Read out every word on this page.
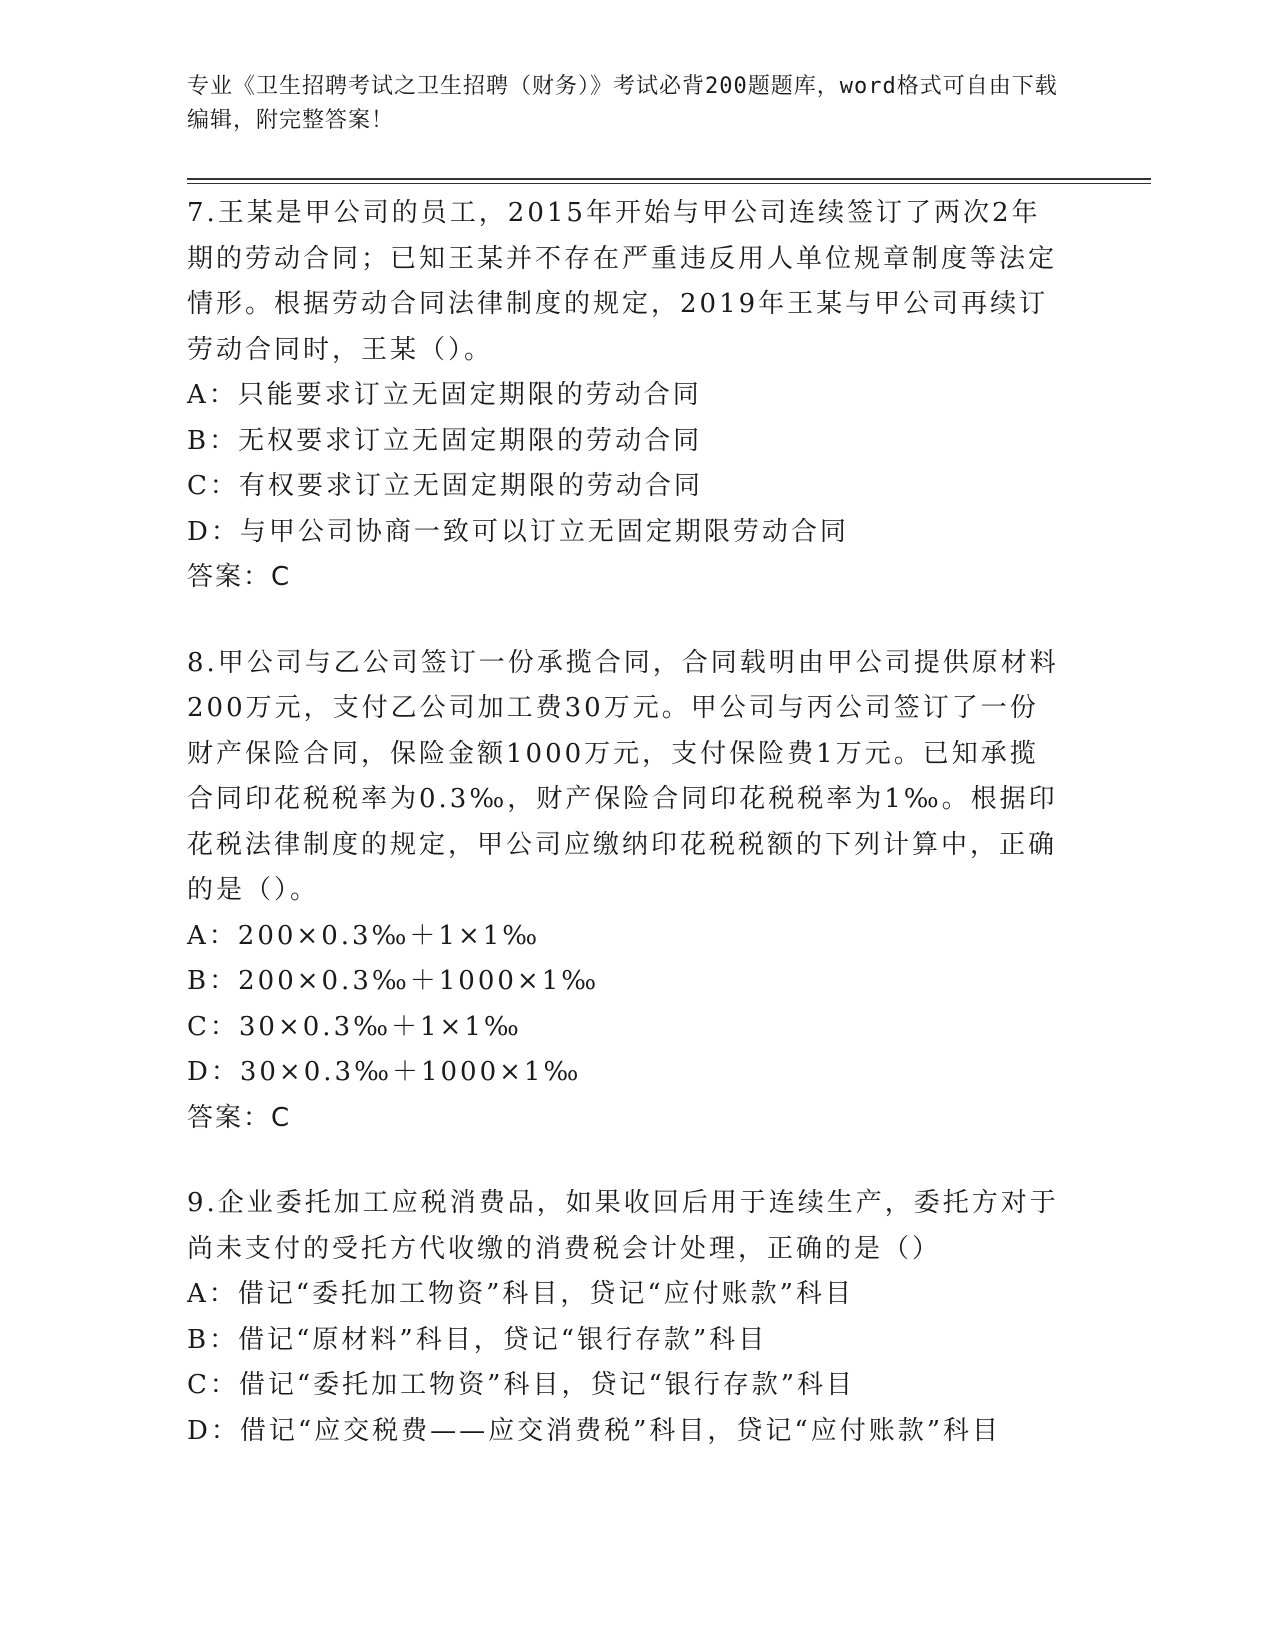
专业《卫生招聘考试之卫生招聘（财务）》考试必背200题题库，word格式可自由下载编辑，附完整答案！

7.王某是甲公司的员工，2015年开始与甲公司连续签订了两次2年期的劳动合同；已知王某并不存在严重违反用人单位规章制度等法定情形。根据劳动合同法律制度的规定，2019年王某与甲公司再续订劳动合同时，王某（）。

A：只能要求订立无固定期限的劳动合同

B：无权要求订立无固定期限的劳动合同

C：有权要求订立无固定期限的劳动合同

D：与甲公司协商一致可以订立无固定期限劳动合同

答案：C

8.甲公司与乙公司签订一份承揽合同，合同载明由甲公司提供原材料200万元，支付乙公司加工费30万元。甲公司与丙公司签订了一份财产保险合同，保险金额1000万元，支付保险费1万元。已知承揽合同印花税税率为0.3‰，财产保险合同印花税税率为1‰。根据印花税法律制度的规定，甲公司应缴纳印花税税额的下列计算中，正确的是（）。

A：200×0.3‰＋1×1‰

B：200×0.3‰＋1000×1‰

C：30×0.3‰＋1×1‰

D：30×0.3‰＋1000×1‰

答案：C

9.企业委托加工应税消费品，如果收回后用于连续生产，委托方对于尚未支付的受托方代收缴的消费税会计处理，正确的是（）

A：借记“委托加工物资”科目，贷记“应付账款”科目

B：借记“原材料”科目，贷记“银行存款”科目

C：借记“委托加工物资”科目，贷记“银行存款”科目

D：借记“应交税费——应交消费税”科目，贷记“应付账款”科目
